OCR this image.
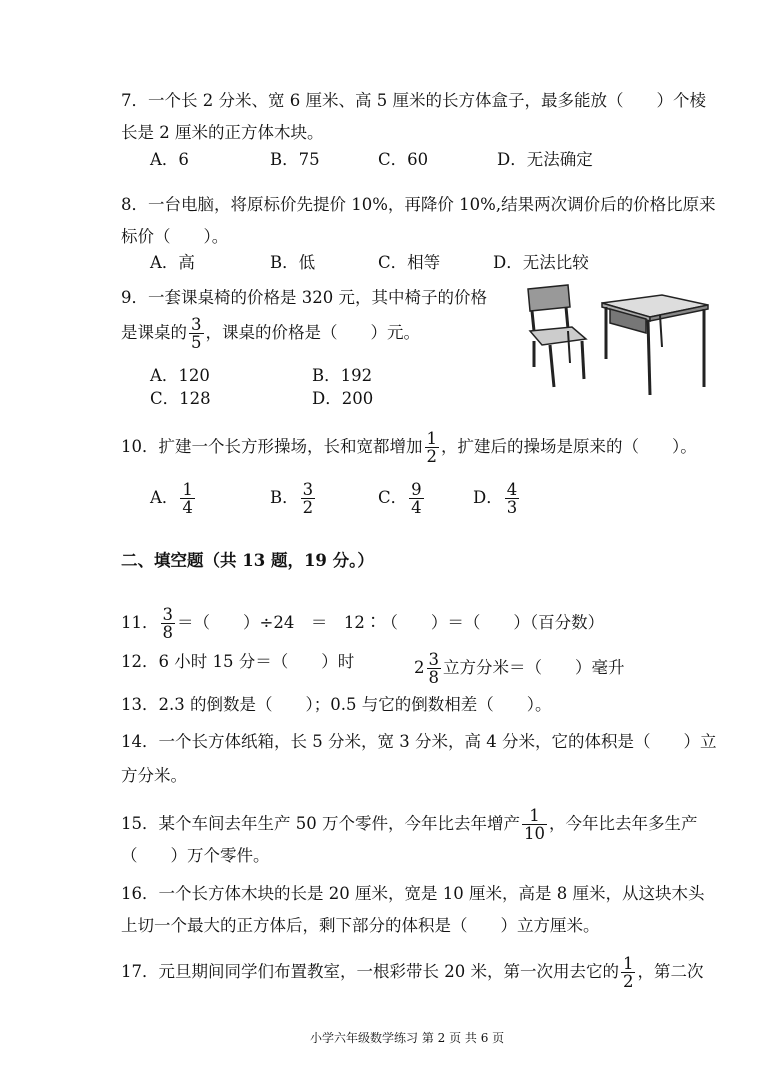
7．一个长 2 分米、宽 6 厘米、高 5 厘米的长方体盒子，最多能放（　　）个棱
长是 2 厘米的正方体木块。
A．6	B．75	C．60	D．无法确定
8．一台电脑，将原标价先提价 10%，再降价 10%,结果两次调价后的价格比原来
标价（　　）。
A．高	B．低	C．相等	D．无法比较
9．一套课桌椅的价格是 320 元，其中椅子的价格
是课桌的 $\frac{3}{5}$ ，课桌的价格是（　　）元。
A．120	B．192
C．128	D．200
10．扩建一个长方形操场，长和宽都增加 $\frac{1}{2}$ ，扩建后的操场是原来的（　　）。
A． $\frac{1}{4}$	B． $\frac{3}{2}$	C． $\frac{9}{4}$	D． $\frac{4}{3}$
二、填空题（共 13 题，19 分。）
11． $\frac{3}{8}$ ＝（　　）÷24　＝　12∶（　　）＝（　　）（百分数）
12．6 小时 15 分＝（　　）时	$2 \frac{3}{8}$ 立方分米＝（　　）毫升
13．2.3 的倒数是（　　）；0.5 与它的倒数相差（　　）。
14．一个长方体纸箱，长 5 分米，宽 3 分米，高 4 分米，它的体积是（　　）立
方分米。
15．某个车间去年生产 50 万个零件，今年比去年增产 $\frac{1}{10}$ ，今年比去年多生产
（　　）万个零件。
16．一个长方体木块的长是 20 厘米，宽是 10 厘米，高是 8 厘米，从这块木头
上切一个最大的正方体后，剩下部分的体积是（　　）立方厘米。
17．元旦期间同学们布置教室，一根彩带长 20 米，第一次用去它的 $\frac{1}{2}$ ，第二次
小学六年级数学练习 第 2 页 共 6 页
